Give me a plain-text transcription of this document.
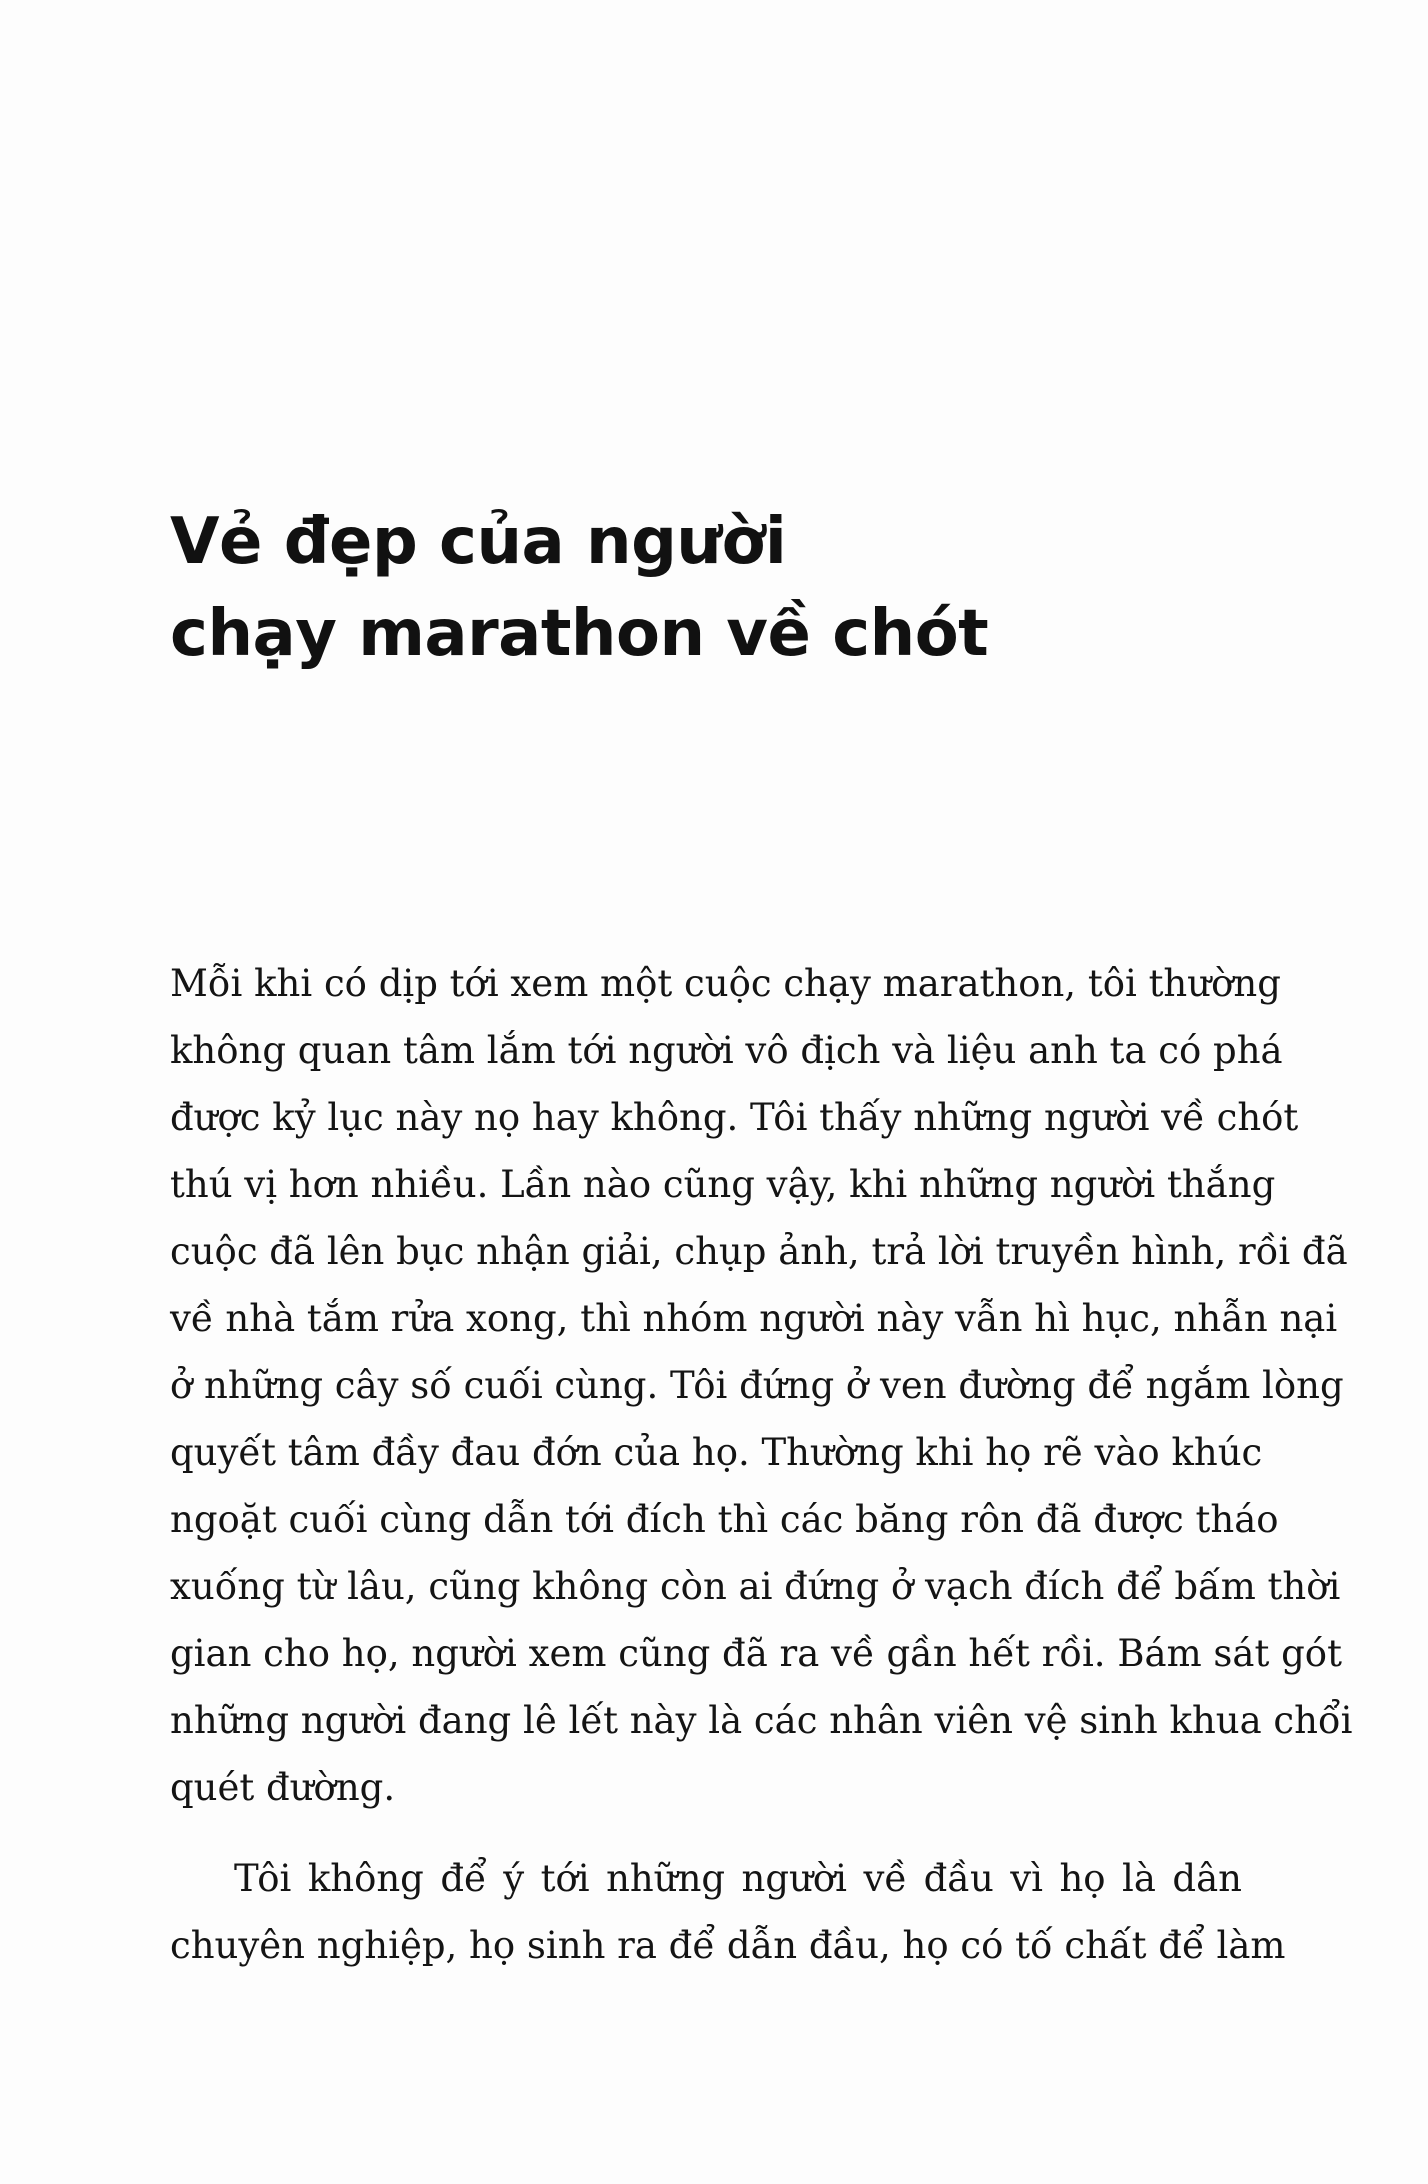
Vẻ đẹp của người
chạy marathon về chót
Mỗi khi có dịp tới xem một cuộc chạy marathon, tôi thường
không quan tâm lắm tới người vô địch và liệu anh ta có phá
được kỷ lục này nọ hay không. Tôi thấy những người về chót
thú vị hơn nhiều. Lần nào cũng vậy, khi những người thắng
cuộc đã lên bục nhận giải, chụp ảnh, trả lời truyền hình, rồi đã
về nhà tắm rửa xong, thì nhóm người này vẫn hì hục, nhẫn nại
ở những cây số cuối cùng. Tôi đứng ở ven đường để ngắm lòng
quyết tâm đầy đau đớn của họ. Thường khi họ rẽ vào khúc
ngoặt cuối cùng dẫn tới đích thì các băng rôn đã được tháo
xuống từ lâu, cũng không còn ai đứng ở vạch đích để bấm thời
gian cho họ, người xem cũng đã ra về gần hết rồi. Bám sát gót
những người đang lê lết này là các nhân viên vệ sinh khua chổi
quét đường.
Tôi không để ý tới những người về đầu vì họ là dân
chuyên nghiệp, họ sinh ra để dẫn đầu, họ có tố chất để làm
